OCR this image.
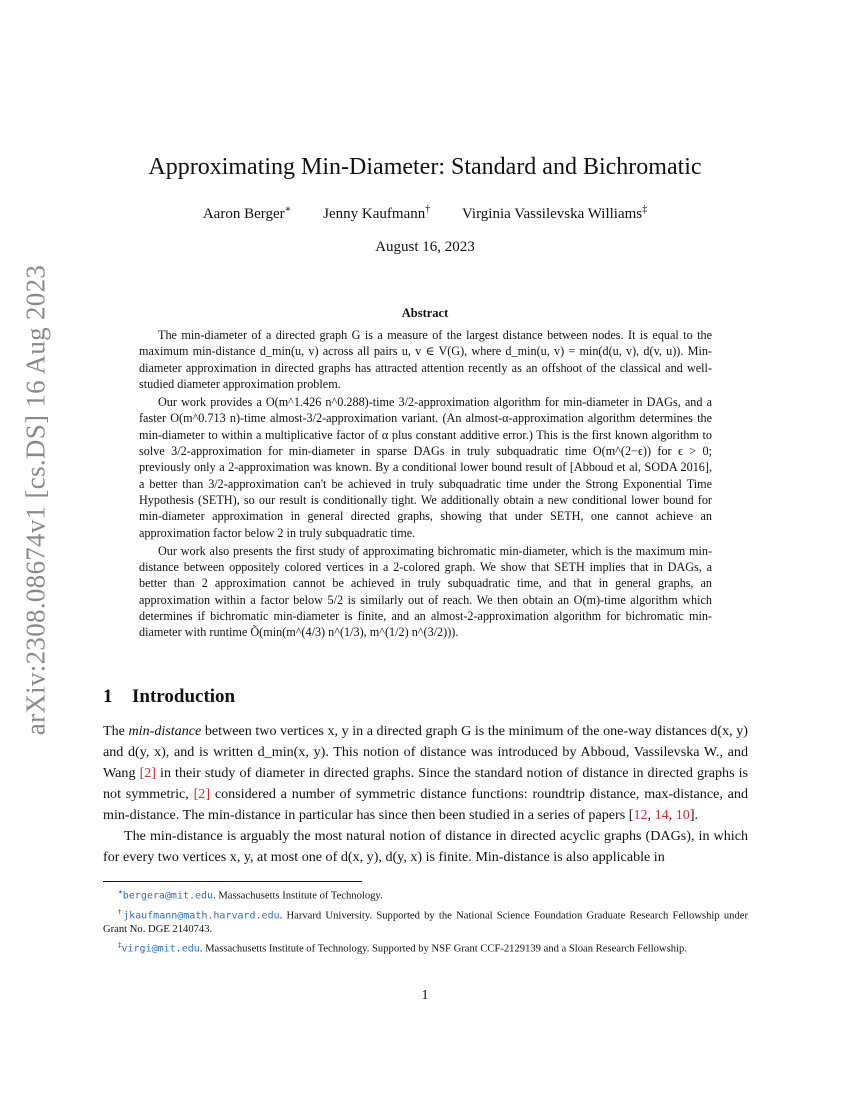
arXiv:2308.08674v1 [cs.DS] 16 Aug 2023
Approximating Min-Diameter: Standard and Bichromatic
Aaron Berger∗ Jenny Kaufmann† Virginia Vassilevska Williams‡
August 16, 2023
Abstract

The min-diameter of a directed graph G is a measure of the largest distance between nodes. It is equal to the maximum min-distance d_min(u, v) across all pairs u, v ∈ V(G), where d_min(u, v) = min(d(u, v), d(v, u)). Min-diameter approximation in directed graphs has attracted attention recently as an offshoot of the classical and well-studied diameter approximation problem.

Our work provides a O(m^1.426 n^0.288)-time 3/2-approximation algorithm for min-diameter in DAGs, and a faster O(m^0.713 n)-time almost-3/2-approximation variant. (An almost-α-approximation algorithm determines the min-diameter to within a multiplicative factor of α plus constant additive error.) This is the first known algorithm to solve 3/2-approximation for min-diameter in sparse DAGs in truly subquadratic time O(m^(2−ϵ)) for ϵ > 0; previously only a 2-approximation was known. By a conditional lower bound result of [Abboud et al, SODA 2016], a better than 3/2-approximation can't be achieved in truly subquadratic time under the Strong Exponential Time Hypothesis (SETH), so our result is conditionally tight. We additionally obtain a new conditional lower bound for min-diameter approximation in general directed graphs, showing that under SETH, one cannot achieve an approximation factor below 2 in truly subquadratic time.

Our work also presents the first study of approximating bichromatic min-diameter, which is the maximum min-distance between oppositely colored vertices in a 2-colored graph. We show that SETH implies that in DAGs, a better than 2 approximation cannot be achieved in truly subquadratic time, and that in general graphs, an approximation within a factor below 5/2 is similarly out of reach. We then obtain an O(m)-time algorithm which determines if bichromatic min-diameter is finite, and an almost-2-approximation algorithm for bichromatic min-diameter with runtime Õ(min(m^(4/3) n^(1/3), m^(1/2) n^(3/2))).

1 Introduction

The min-distance between two vertices x, y in a directed graph G is the minimum of the one-way distances d(x, y) and d(y, x), and is written d_min(x, y). This notion of distance was introduced by Abboud, Vassilevska W., and Wang [2] in their study of diameter in directed graphs. Since the standard notion of distance in directed graphs is not symmetric, [2] considered a number of symmetric distance functions: roundtrip distance, max-distance, and min-distance. The min-distance in particular has since then been studied in a series of papers [12, 14, 10].

The min-distance is arguably the most natural notion of distance in directed acyclic graphs (DAGs), in which for every two vertices x, y, at most one of d(x, y), d(y, x) is finite. Min-distance is also applicable in

∗bergera@mit.edu. Massachusetts Institute of Technology.

†jkaufmann@math.harvard.edu. Harvard University. Supported by the National Science Foundation Graduate Research Fellowship under Grant No. DGE 2140743.

‡virgi@mit.edu. Massachusetts Institute of Technology. Supported by NSF Grant CCF-2129139 and a Sloan Research Fellowship.

1
